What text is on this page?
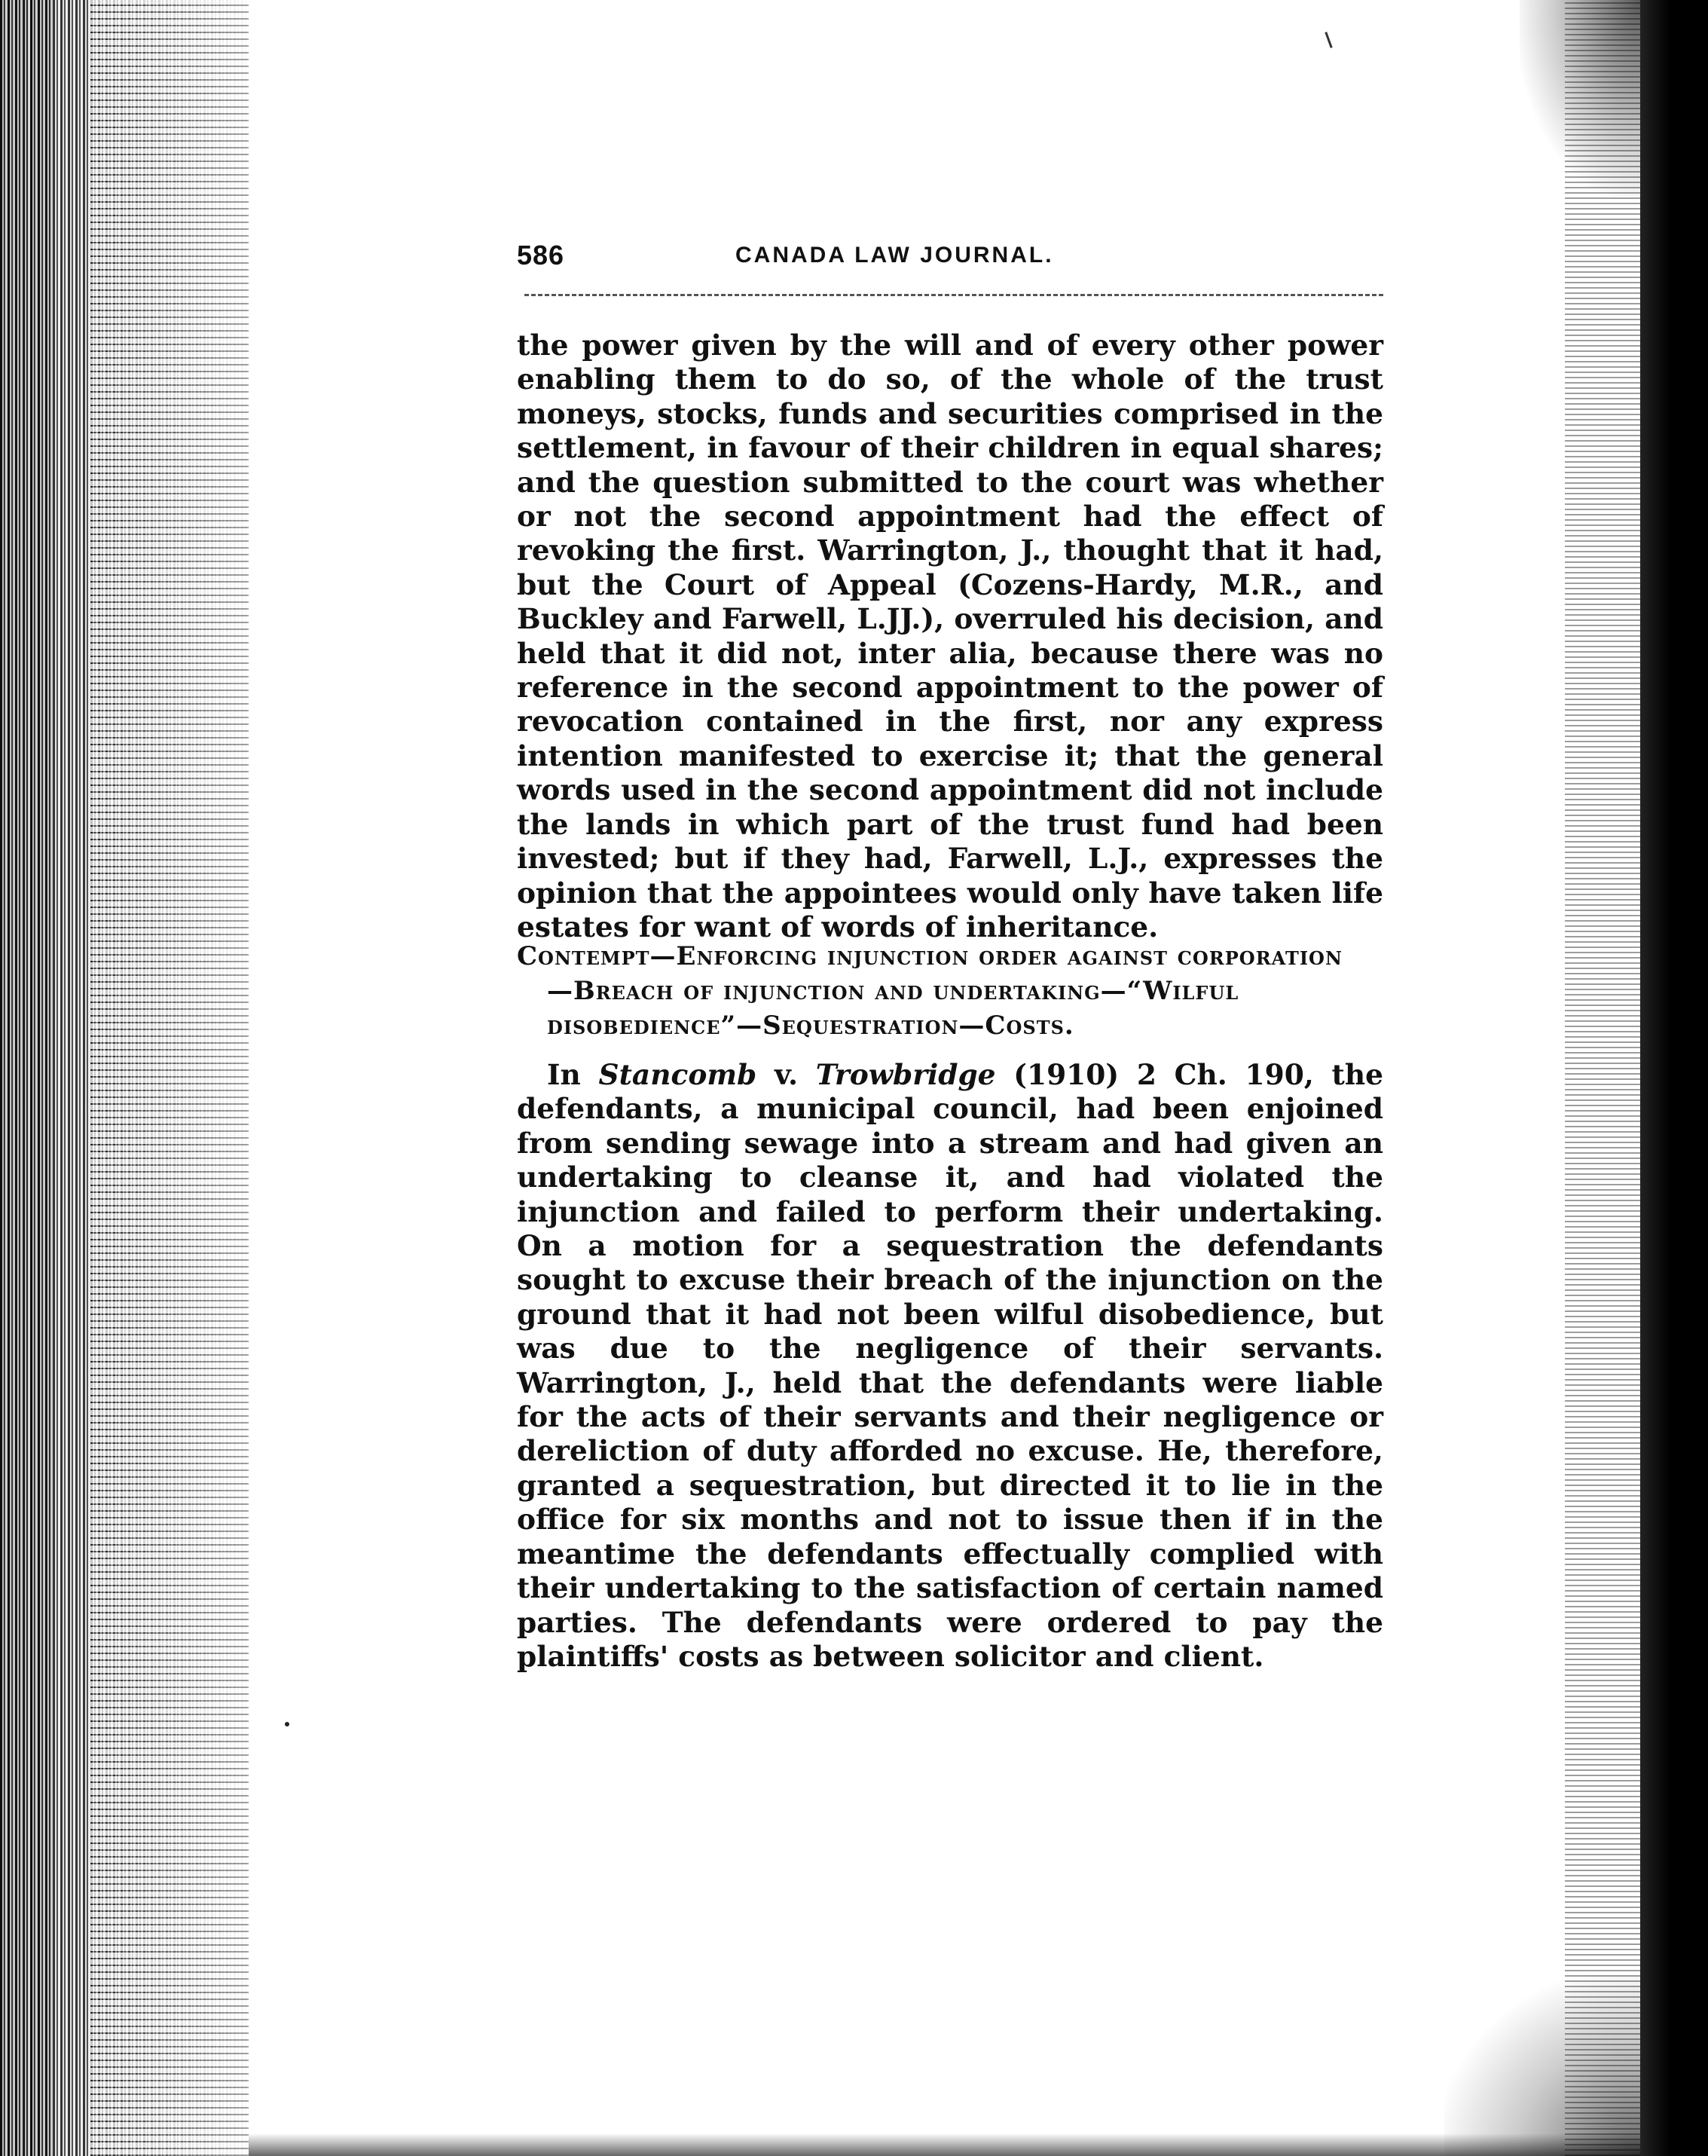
586	CANADA LAW JOURNAL.

the power given by the will and of every other power enabling them to do so, of the whole of the trust moneys, stocks, funds and securities comprised in the settlement, in favour of their children in equal shares; and the question submitted to the court was whether or not the second appointment had the effect of revoking the first. Warrington, J., thought that it had, but the Court of Appeal (Cozens-Hardy, M.R., and Buckley and Farwell, L.JJ.), overruled his decision, and held that it did not, inter alia, because there was no reference in the second appointment to the power of revocation contained in the first, nor any express intention manifested to exercise it; that the general words used in the second appointment did not include the lands in which part of the trust fund had been invested; but if they had, Farwell, L.J., expresses the opinion that the appointees would only have taken life estates for want of words of inheritance.

Contempt—Enforcing injunction order against corporation
—Breach of injunction and undertaking—“Wilful disobedience”—Sequestration—Costs.

In Stancomb v. Trowbridge (1910) 2 Ch. 190, the defendants, a municipal council, had been enjoined from sending sewage into a stream and had given an undertaking to cleanse it, and had violated the injunction and failed to perform their undertaking. On a motion for a sequestration the defendants sought to excuse their breach of the injunction on the ground that it had not been wilful disobedience, but was due to the negligence of their servants. Warrington, J., held that the defendants were liable for the acts of their servants and their negligence or dereliction of duty afforded no excuse. He, therefore, granted a sequestration, but directed it to lie in the office for six months and not to issue then if in the meantime the defendants effectually complied with their undertaking to the satisfaction of certain named parties. The defendants were ordered to pay the plaintiffs' costs as between solicitor and client.
